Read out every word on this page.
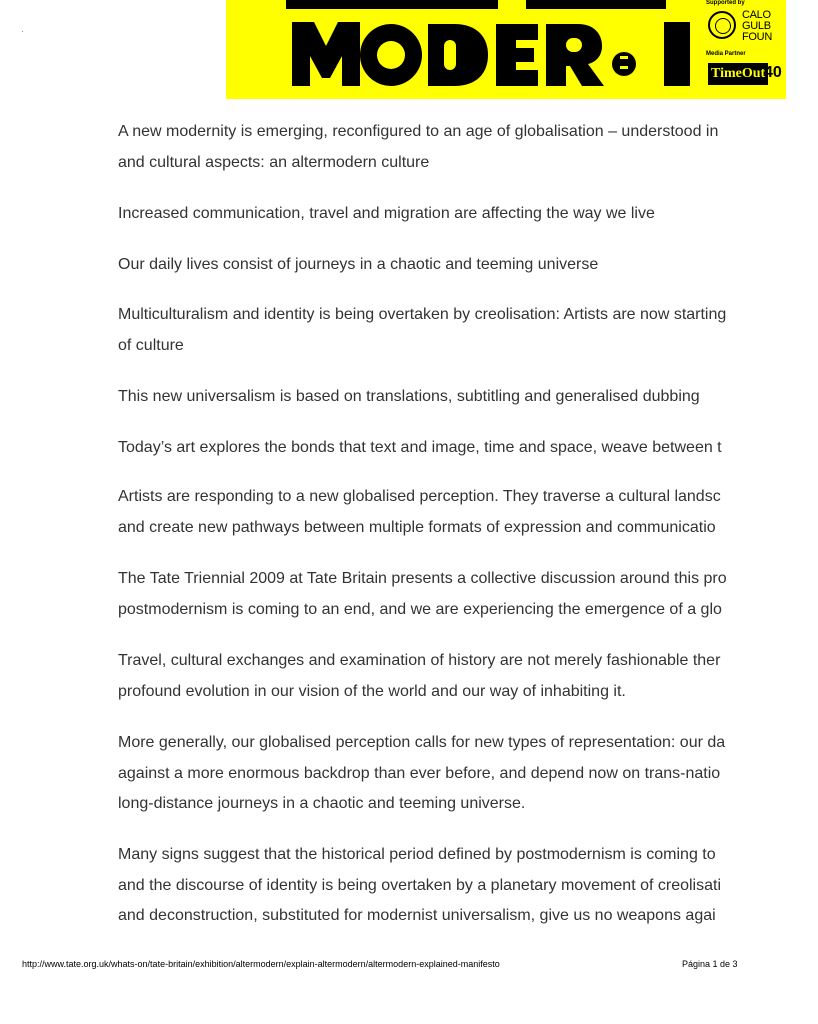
Supported by
CALO
GULB
FOUN
Media Partner
TimeOut
40
A new modernity is emerging, reconfigured to an age of globalisation – understood in
and cultural aspects: an altermodern culture
Increased communication, travel and migration are affecting the way we live
Our daily lives consist of journeys in a chaotic and teeming universe
Multiculturalism and identity is being overtaken by creolisation: Artists are now starting
of culture
This new universalism is based on translations, subtitling and generalised dubbing
Today’s art explores the bonds that text and image, time and space, weave between t
Artists are responding to a new globalised perception. They traverse a cultural landsc
and create new pathways between multiple formats of expression and communicatio
The Tate Triennial 2009 at Tate Britain presents a collective discussion around this pro
postmodernism is coming to an end, and we are experiencing the emergence of a glo
Travel, cultural exchanges and examination of history are not merely fashionable ther
profound evolution in our vision of the world and our way of inhabiting it.
More generally, our globalised perception calls for new types of representation: our da
against a more enormous backdrop than ever before, and depend now on trans-natio
long-distance journeys in a chaotic and teeming universe.
Many signs suggest that the historical period defined by postmodernism is coming to
and the discourse of identity is being overtaken by a planetary movement of creolisati
and deconstruction, substituted for modernist universalism, give us no weapons agai
http://www.tate.org.uk/whats-on/tate-britain/exhibition/altermodern/explain-altermodern/altermodern-explained-manifesto	Página 1 de 3
